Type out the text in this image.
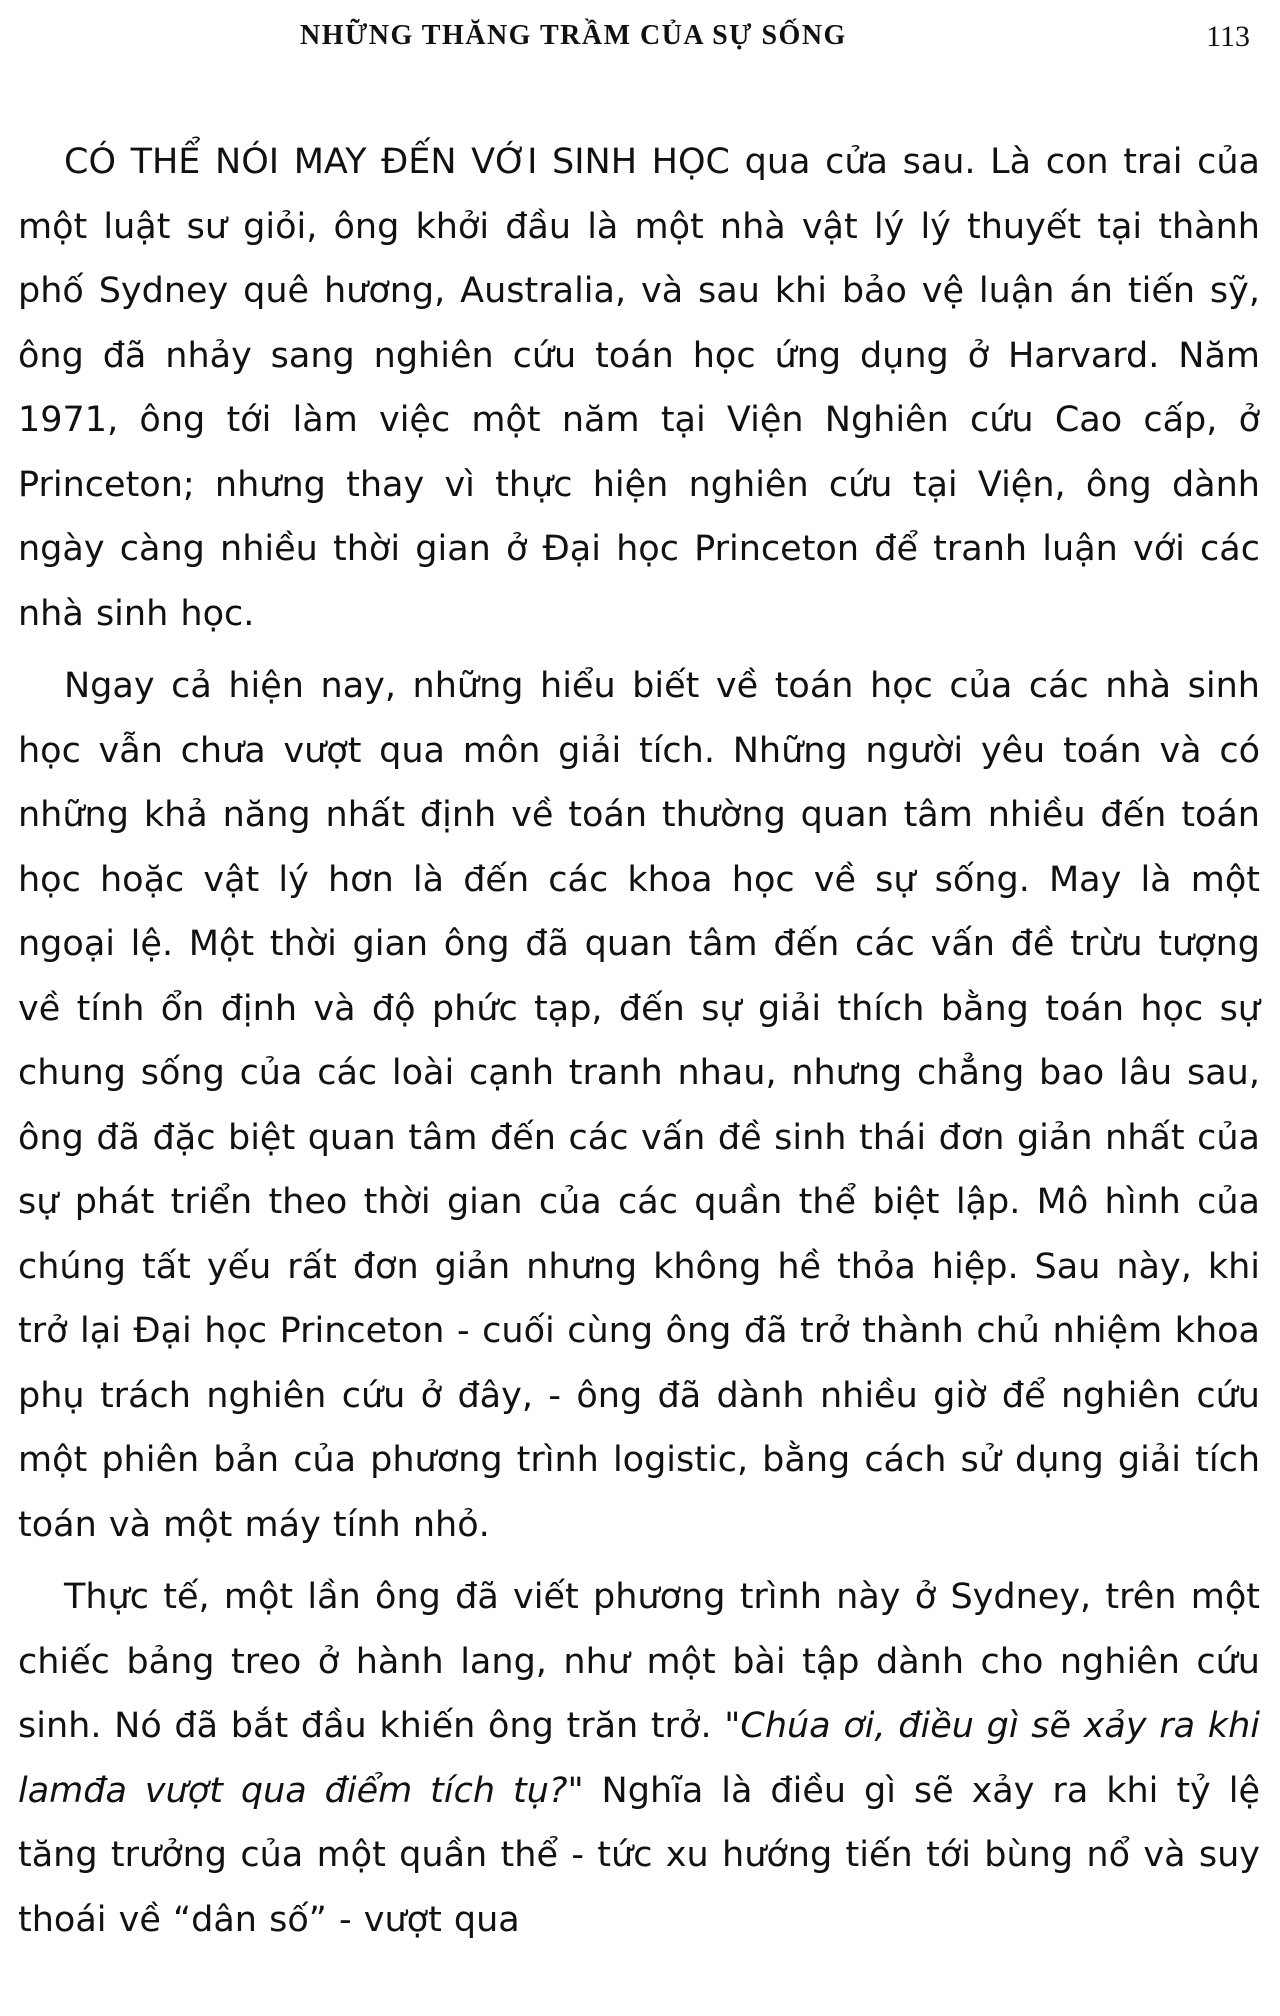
NHỮNG THĂNG TRẦM CỦA SỰ SỐNG	113

CÓ THỂ NÓI MAY ĐẾN VỚI SINH HỌC qua cửa sau. Là con trai của một luật sư giỏi, ông khởi đầu là một nhà vật lý lý thuyết tại thành phố Sydney quê hương, Australia, và sau khi bảo vệ luận án tiến sỹ, ông đã nhảy sang nghiên cứu toán học ứng dụng ở Harvard. Năm 1971, ông tới làm việc một năm tại Viện Nghiên cứu Cao cấp, ở Princeton; nhưng thay vì thực hiện nghiên cứu tại Viện, ông dành ngày càng nhiều thời gian ở Đại học Princeton để tranh luận với các nhà sinh học.

Ngay cả hiện nay, những hiểu biết về toán học của các nhà sinh học vẫn chưa vượt qua môn giải tích. Những người yêu toán và có những khả năng nhất định về toán thường quan tâm nhiều đến toán học hoặc vật lý hơn là đến các khoa học về sự sống. May là một ngoại lệ. Một thời gian ông đã quan tâm đến các vấn đề trừu tượng về tính ổn định và độ phức tạp, đến sự giải thích bằng toán học sự chung sống của các loài cạnh tranh nhau, nhưng chẳng bao lâu sau, ông đã đặc biệt quan tâm đến các vấn đề sinh thái đơn giản nhất của sự phát triển theo thời gian của các quần thể biệt lập. Mô hình của chúng tất yếu rất đơn giản nhưng không hề thỏa hiệp. Sau này, khi trở lại Đại học Princeton - cuối cùng ông đã trở thành chủ nhiệm khoa phụ trách nghiên cứu ở đây, - ông đã dành nhiều giờ để nghiên cứu một phiên bản của phương trình logistic, bằng cách sử dụng giải tích toán và một máy tính nhỏ.

Thực tế, một lần ông đã viết phương trình này ở Sydney, trên một chiếc bảng treo ở hành lang, như một bài tập dành cho nghiên cứu sinh. Nó đã bắt đầu khiến ông trăn trở. "Chúa ơi, điều gì sẽ xảy ra khi lamđa vượt qua điểm tích tụ?" Nghĩa là điều gì sẽ xảy ra khi tỷ lệ tăng trưởng của một quần thể - tức xu hướng tiến tới bùng nổ và suy thoái về “dân số” - vượt qua
